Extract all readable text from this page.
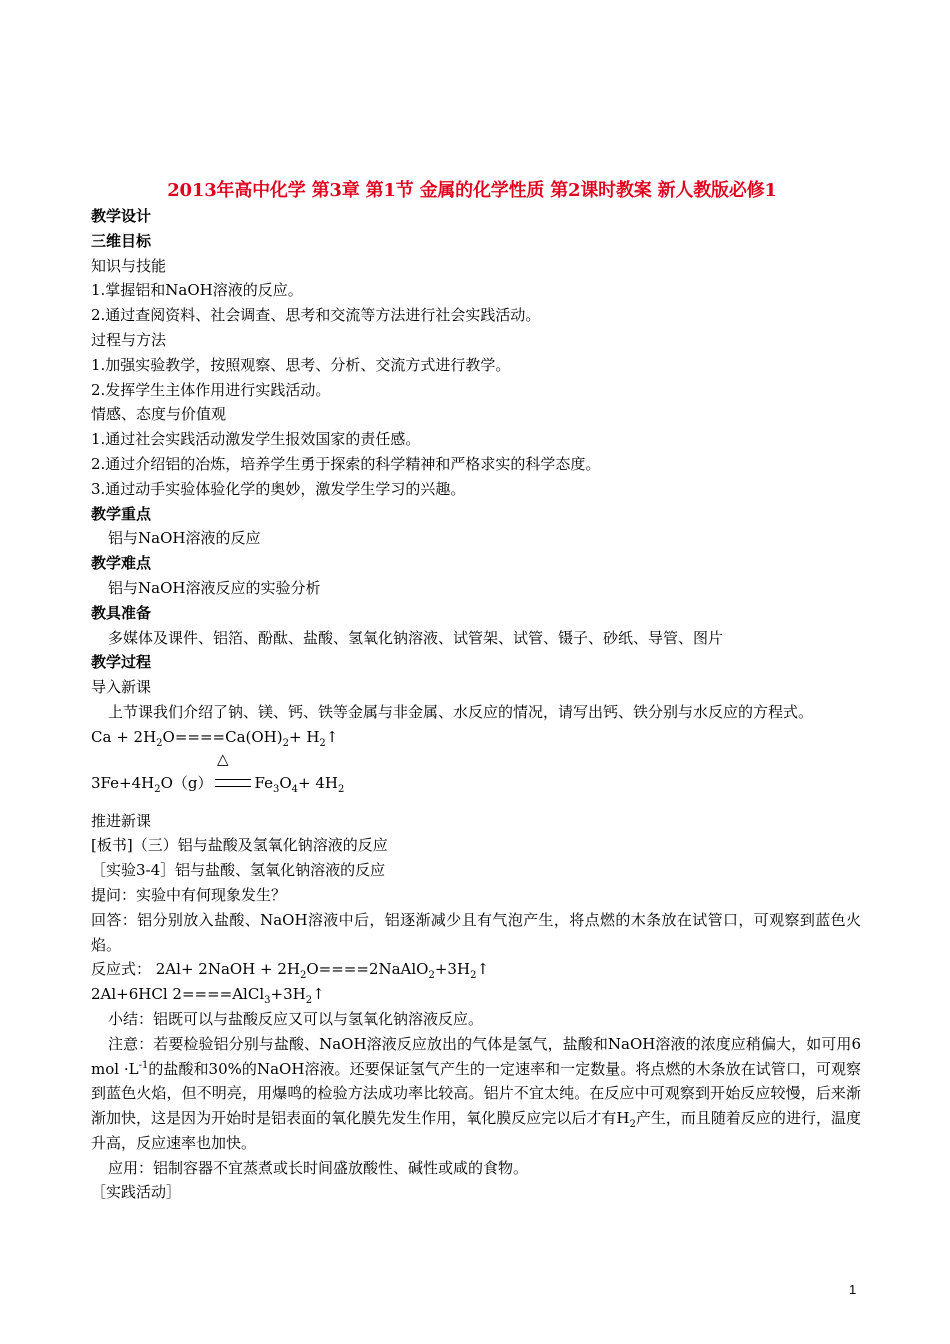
2013年高中化学 第3章 第1节 金属的化学性质 第2课时教案 新人教版必修1
教学设计
三维目标
知识与技能
1.掌握铝和NaOH溶液的反应。
2.通过查阅资料、社会调查、思考和交流等方法进行社会实践活动。
过程与方法
1.加强实验教学，按照观察、思考、分析、交流方式进行教学。
2.发挥学生主体作用进行实践活动。
情感、态度与价值观
1.通过社会实践活动激发学生报效国家的责任感。
2.通过介绍铝的冶炼，培养学生勇于探索的科学精神和严格求实的科学态度。
3.通过动手实验体验化学的奥妙，激发学生学习的兴趣。
教学重点
铝与NaOH溶液的反应
教学难点
铝与NaOH溶液反应的实验分析
教具准备
多媒体及课件、铝箔、酚酞、盐酸、氢氧化钠溶液、试管架、试管、镊子、砂纸、导管、图片
教学过程
导入新课
上节课我们介绍了钠、镁、钙、铁等金属与非金属、水反应的情况，请写出钙、铁分别与水反应的方程式。
$Ca + 2H_2O====Ca(OH)_2+$ $H_2↑$
△
$3Fe+4H_2O(g)$	$Fe_3O_4+ 4H_2$
推进新课
[板书]（三）铝与盐酸及氢氧化钠溶液的反应
［实验3-4］铝与盐酸、氢氧化钠溶液的反应
提问：实验中有何现象发生？
回答：铝分别放入盐酸、NaOH溶液中后，铝逐渐减少且有气泡产生，将点燃的木条放在试管口，可观察到蓝色火焰。
反应式： 2Al+ 2NaOH + $2H_2O====2NaAlO_2+3H_2↑$
2Al+6HCl $2====AlCl_3+3H_2↑$
小结：铝既可以与盐酸反应又可以与氢氧化钠溶液反应。
注意：若要检验铝分别与盐酸、NaOH溶液反应放出的气体是氢气，盐酸和NaOH溶液的浓度应稍偏大，如可用6 mol $\cdot L^{-1}$的盐酸和30%的NaOH溶液。还要保证氢气产生的一定速率和一定数量。将点燃的木条放在试管口，可观察到蓝色火焰，但不明亮，用爆鸣的检验方法成功率比较高。铝片不宜太纯。在反应中可观察到开始反应较慢，后来渐渐加快，这是因为开始时是铝表面的氧化膜先发生作用，氧化膜反应完以后才有$H_2$产生，而且随着反应的进行，温度升高，反应速率也加快。
应用：铝制容器不宜蒸煮或长时间盛放酸性、碱性或咸的食物。
［实践活动］
1
